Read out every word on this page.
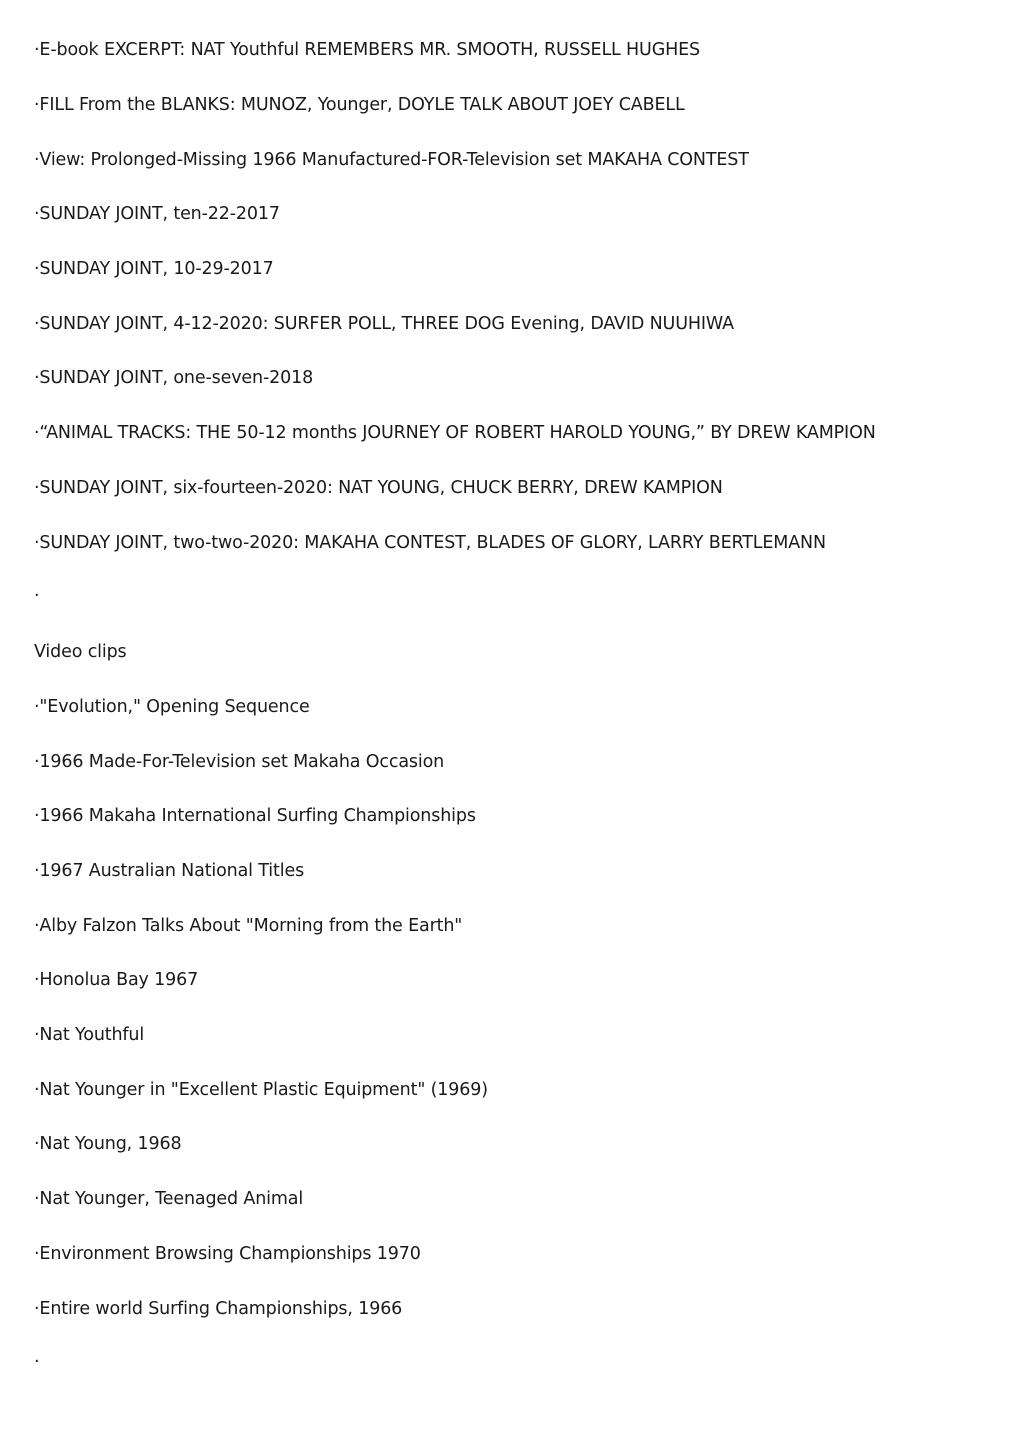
·E-book EXCERPT: NAT Youthful REMEMBERS MR. SMOOTH, RUSSELL HUGHES
·FILL From the BLANKS: MUNOZ, Younger, DOYLE TALK ABOUT JOEY CABELL
·View: Prolonged-Missing 1966 Manufactured-FOR-Television set MAKAHA CONTEST
·SUNDAY JOINT, ten-22-2017
·SUNDAY JOINT, 10-29-2017
·SUNDAY JOINT, 4-12-2020: SURFER POLL, THREE DOG Evening, DAVID NUUHIWA
·SUNDAY JOINT, one-seven-2018
·“ANIMAL TRACKS: THE 50-12 months JOURNEY OF ROBERT HAROLD YOUNG,” BY DREW KAMPION
·SUNDAY JOINT, six-fourteen-2020: NAT YOUNG, CHUCK BERRY, DREW KAMPION
·SUNDAY JOINT, two-two-2020: MAKAHA CONTEST, BLADES OF GLORY, LARRY BERTLEMANN
·
Video clips
·"Evolution," Opening Sequence
·1966 Made-For-Television set Makaha Occasion
·1966 Makaha International Surfing Championships
·1967 Australian National Titles
·Alby Falzon Talks About "Morning from the Earth"
·Honolua Bay 1967
·Nat Youthful
·Nat Younger in "Excellent Plastic Equipment" (1969)
·Nat Young, 1968
·Nat Younger, Teenaged Animal
·Environment Browsing Championships 1970
·Entire world Surfing Championships, 1966
·
